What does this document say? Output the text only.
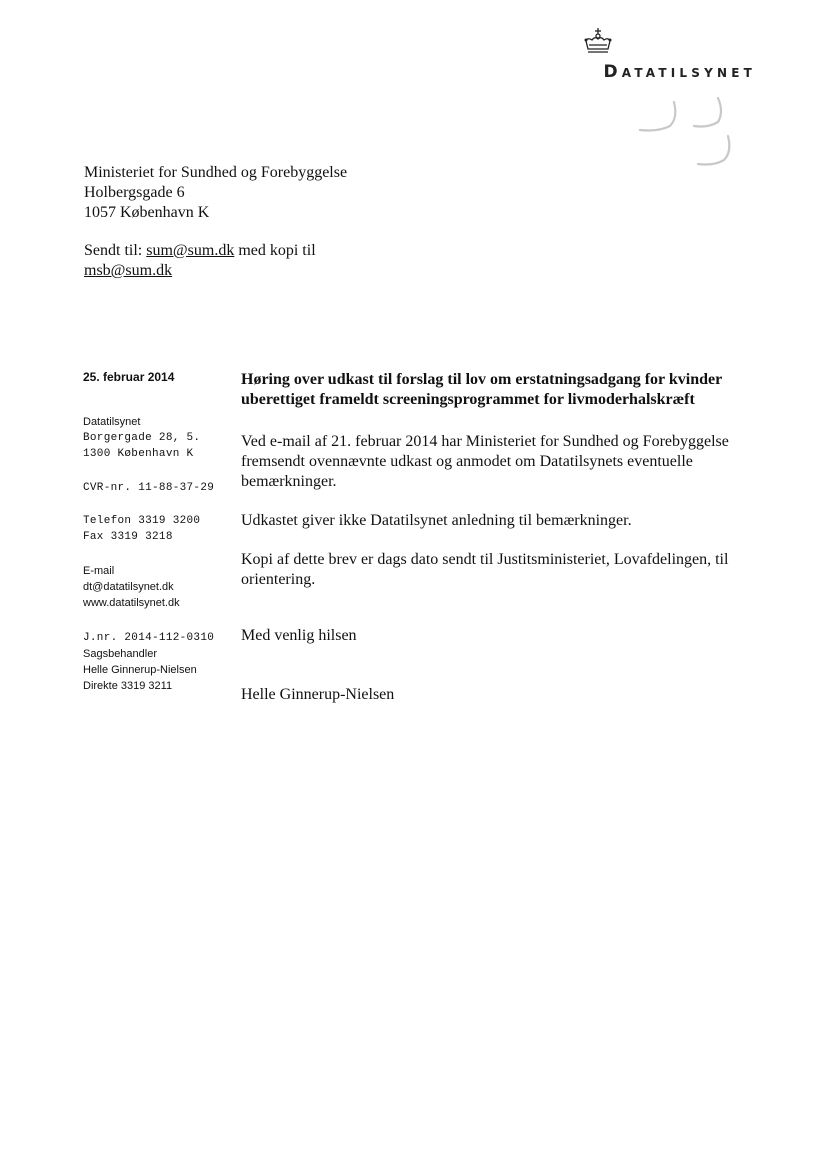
Datatilsynet
Ministeriet for Sundhed og Forebyggelse
Holbergsgade 6
1057 København K
Sendt til: sum@sum.dk med kopi til
msb@sum.dk
25. februar 2014
Datatilsynet
Borgergade 28, 5.
1300 København K
CVR-nr. 11-88-37-29
Telefon 3319 3200
Fax 3319 3218
E-mail
dt@datatilsynet.dk
www.datatilsynet.dk
J.nr. 2014-112-0310
Sagsbehandler
Helle Ginnerup-Nielsen
Direkte 3319 3211
Høring over udkast til forslag til lov om erstatningsadgang for kvinder uberettiget frameldt screeningsprogrammet for livmoderhalskræft
Ved e-mail af 21. februar 2014 har Ministeriet for Sundhed og Forebyggelse fremsendt ovennævnte udkast og anmodet om Datatilsynets eventuelle bemærkninger.
Udkastet giver ikke Datatilsynet anledning til bemærkninger.
Kopi af dette brev er dags dato sendt til Justitsministeriet, Lovafdelingen, til orientering.
Med venlig hilsen
Helle Ginnerup-Nielsen
